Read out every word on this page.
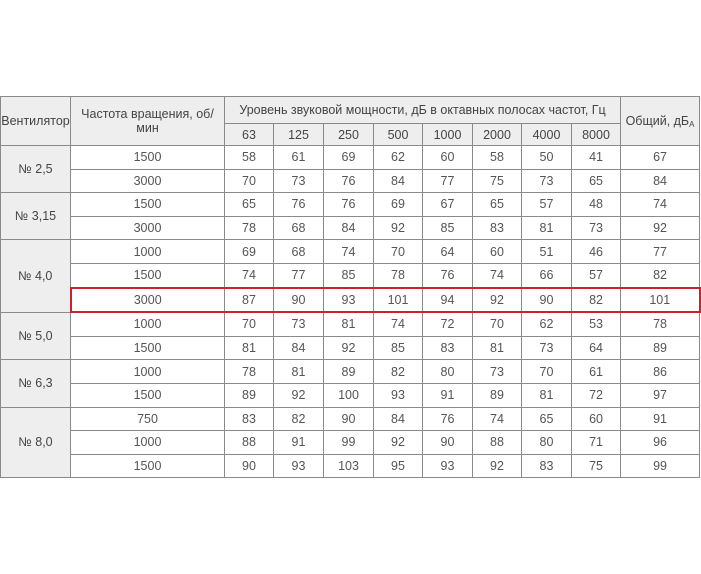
Вентилятор	Частота вращения, об/мин	Уровень звуковой мощности, дБ в октавных полосах частот, Гц								Общий, $дБ_А$
		63	125	250	500	1000	2000	4000	8000	
№ 2,5	1500	58	61	69	62	60	58	50	41	67
	3000	70	73	76	84	77	75	73	65	84
№ 3,15	1500	65	76	76	69	67	65	57	48	74
	3000	78	68	84	92	85	83	81	73	92
№ 4,0	1000	69	68	74	70	64	60	51	46	77
	1500	74	77	85	78	76	74	66	57	82
	3000	87	90	93	101	94	92	90	82	101
№ 5,0	1000	70	73	81	74	72	70	62	53	78
	1500	81	84	92	85	83	81	73	64	89
№ 6,3	1000	78	81	89	82	80	73	70	61	86
	1500	89	92	100	93	91	89	81	72	97
№ 8,0	750	83	82	90	84	76	74	65	60	91
	1000	88	91	99	92	90	88	80	71	96
	1500	90	93	103	95	93	92	83	75	99
